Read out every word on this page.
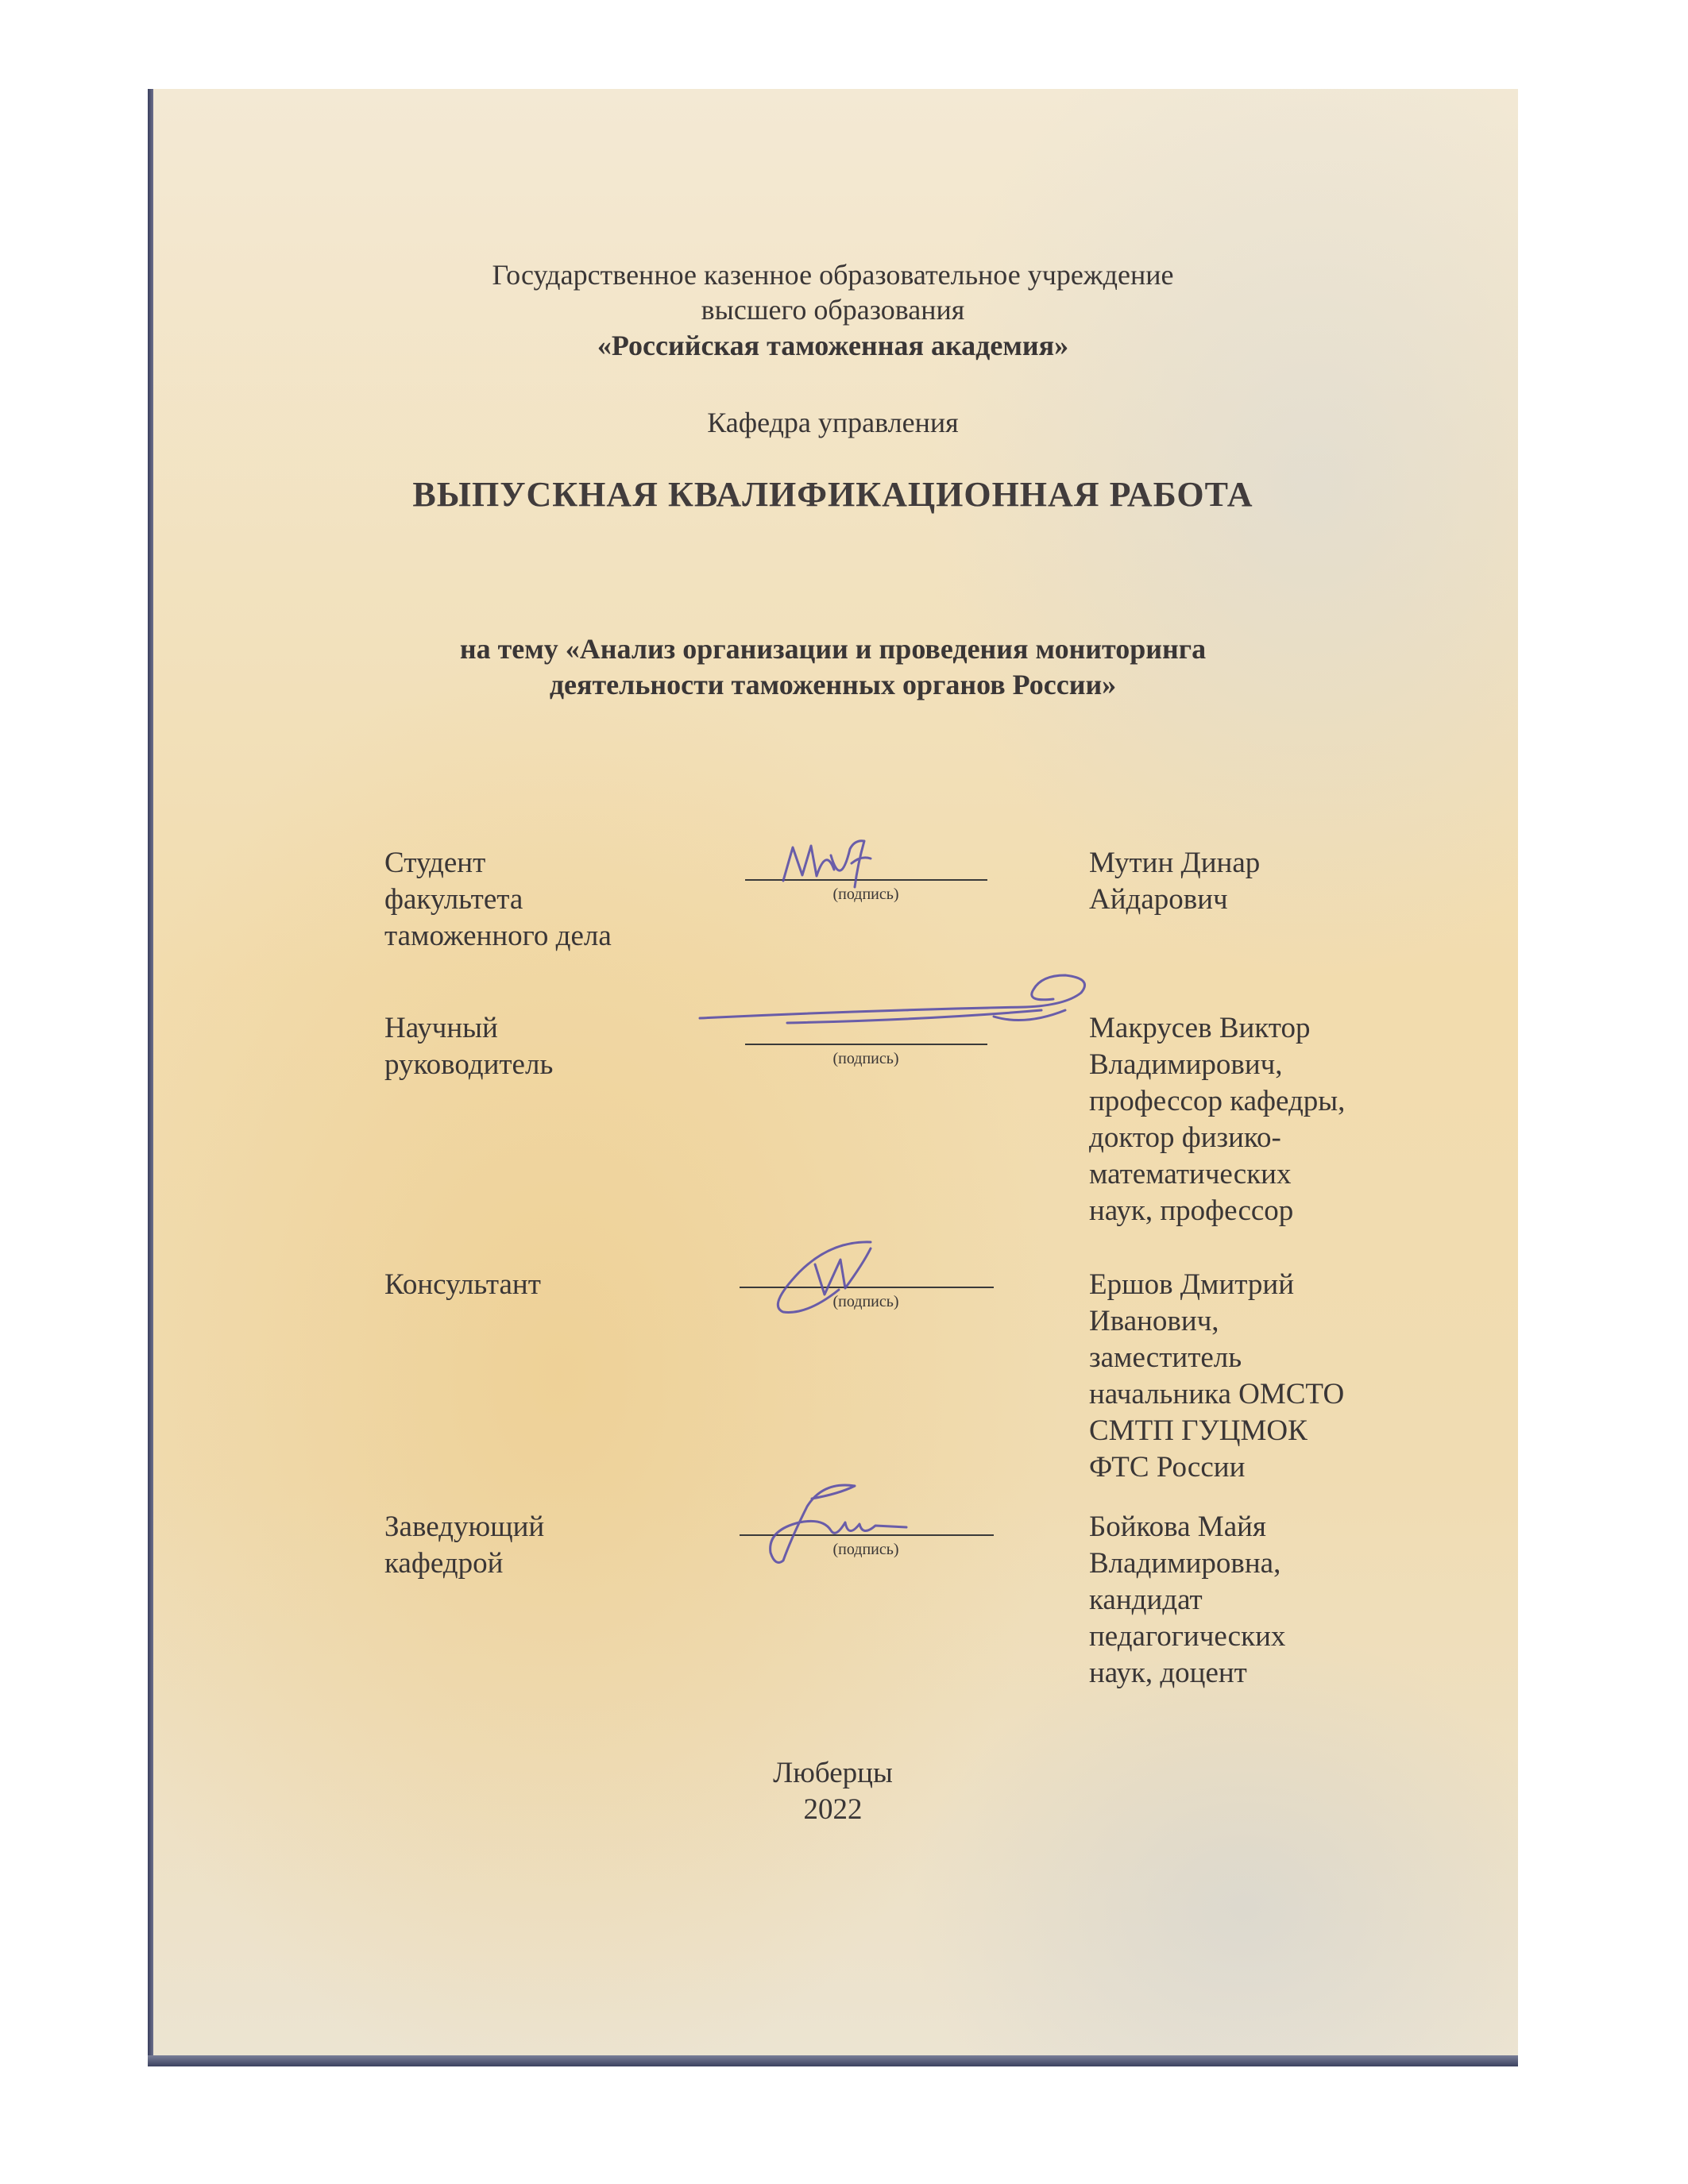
Государственное казенное образовательное учреждение

высшего образования

«Российская таможенная академия»

Кафедра управления

ВЫПУСКНАЯ КВАЛИФИКАЦИОННАЯ РАБОТА

на тему «Анализ организации и проведения мониторинга

деятельности таможенных органов России»

Студент
факультета
таможенного дела
(подпись)
Мутин Динар
Айдарович
Научный
руководитель	(подпись)
Макрусев Виктор
Владимирович,
профессор кафедры,
доктор физико-
математических
наук, профессор
Консультант
(подпись)
Ершов Дмитрий
Иванович,
заместитель
начальника ОМСТО
СМТП ГУЦМОК
ФТС России
Заведующий
кафедрой	(подпись)
Бойкова Майя
Владимировна,
кандидат
педагогических
наук, доцент

Люберцы

2022
